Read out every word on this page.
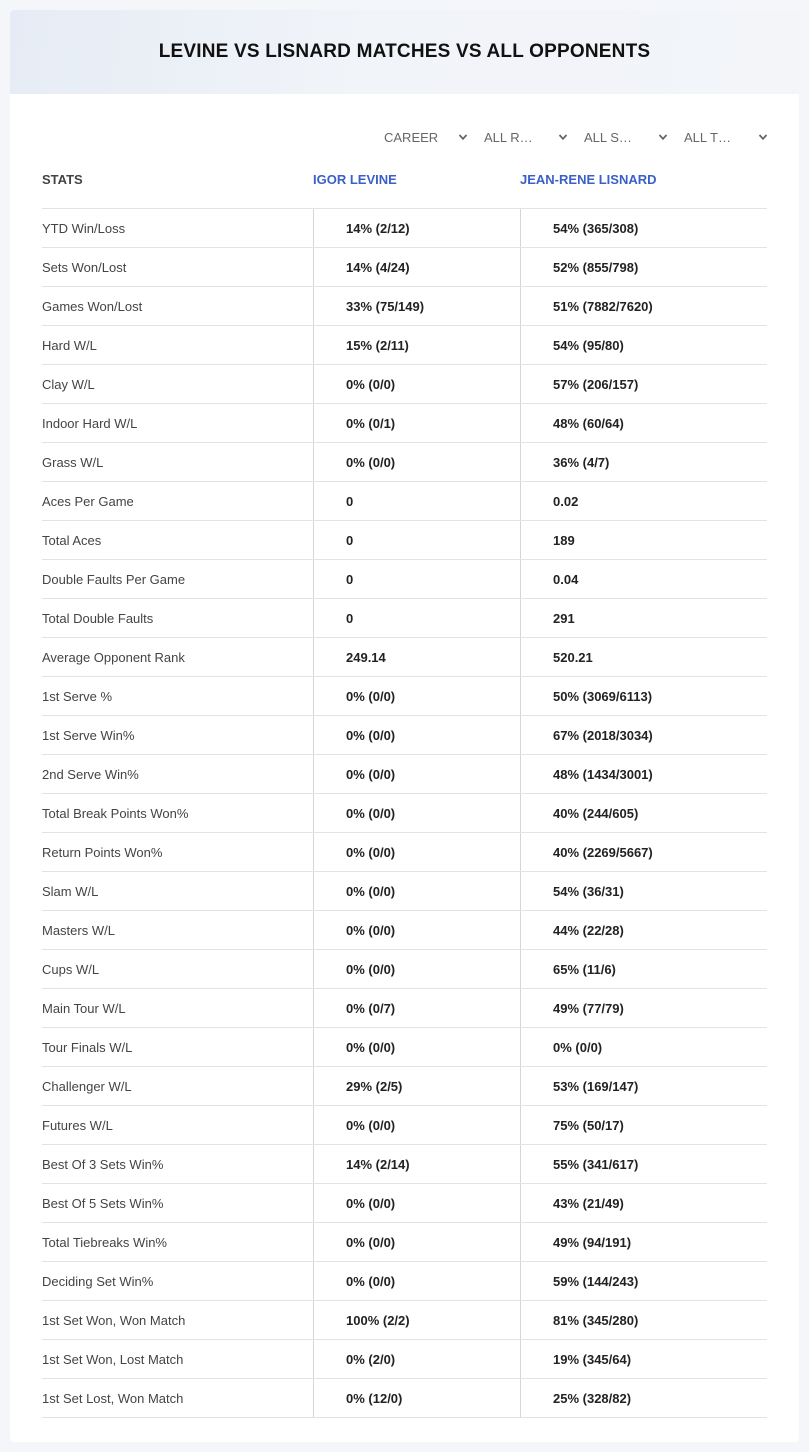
LEVINE VS LISNARD MATCHES VS ALL OPPONENTS
CAREER	ALL R…	ALL S…	ALL T…
STATS	IGOR LEVINE	JEAN-RENE LISNARD
YTD Win/Loss	14% (2/12)	54% (365/308)
Sets Won/Lost	14% (4/24)	52% (855/798)
Games Won/Lost	33% (75/149)	51% (7882/7620)
Hard W/L	15% (2/11)	54% (95/80)
Clay W/L	0% (0/0)	57% (206/157)
Indoor Hard W/L	0% (0/1)	48% (60/64)
Grass W/L	0% (0/0)	36% (4/7)
Aces Per Game	0	0.02
Total Aces	0	189
Double Faults Per Game	0	0.04
Total Double Faults	0	291
Average Opponent Rank	249.14	520.21
1st Serve %	0% (0/0)	50% (3069/6113)
1st Serve Win%	0% (0/0)	67% (2018/3034)
2nd Serve Win%	0% (0/0)	48% (1434/3001)
Total Break Points Won%	0% (0/0)	40% (244/605)
Return Points Won%	0% (0/0)	40% (2269/5667)
Slam W/L	0% (0/0)	54% (36/31)
Masters W/L	0% (0/0)	44% (22/28)
Cups W/L	0% (0/0)	65% (11/6)
Main Tour W/L	0% (0/7)	49% (77/79)
Tour Finals W/L	0% (0/0)	0% (0/0)
Challenger W/L	29% (2/5)	53% (169/147)
Futures W/L	0% (0/0)	75% (50/17)
Best Of 3 Sets Win%	14% (2/14)	55% (341/617)
Best Of 5 Sets Win%	0% (0/0)	43% (21/49)
Total Tiebreaks Win%	0% (0/0)	49% (94/191)
Deciding Set Win%	0% (0/0)	59% (144/243)
1st Set Won, Won Match	100% (2/2)	81% (345/280)
1st Set Won, Lost Match	0% (2/0)	19% (345/64)
1st Set Lost, Won Match	0% (12/0)	25% (328/82)
